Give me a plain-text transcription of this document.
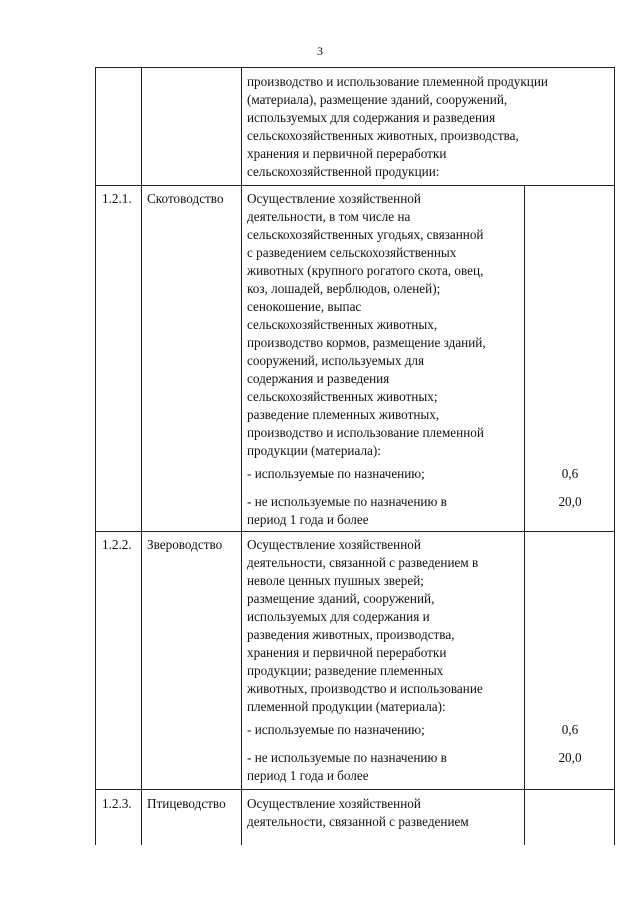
3
производство и использование племенной продукции
(материала), размещение зданий, сооружений,
используемых для содержания и разведения
сельскохозяйственных животных, производства,
хранения и первичной переработки
сельскохозяйственной продукции:
1.2.1. Скотоводство Осуществление хозяйственной
деятельности, в том числе на
сельскохозяйственных угодьях, связанной
с разведением сельскохозяйственных
животных (крупного рогатого скота, овец,
коз, лошадей, верблюдов, оленей);
сенокошение, выпас
сельскохозяйственных животных,
производство кормов, размещение зданий,
сооружений, используемых для
содержания и разведения
сельскохозяйственных животных;
разведение племенных животных,
производство и использование племенной
продукции (материала):
- используемые по назначению;	0,6
- не используемые по назначению в
период 1 года и более
20,0
1.2.2. Звероводство Осуществление хозяйственной
деятельности, связанной с разведением в
неволе ценных пушных зверей;
размещение зданий, сооружений,
используемых для содержания и
разведения животных, производства,
хранения и первичной переработки
продукции; разведение племенных
животных, производство и использование
племенной продукции (материала):
- используемые по назначению;	0,6
- не используемые по назначению в
период 1 года и более
20,0
1.2.3. Птицеводство Осуществление хозяйственной
деятельности, связанной с разведением
